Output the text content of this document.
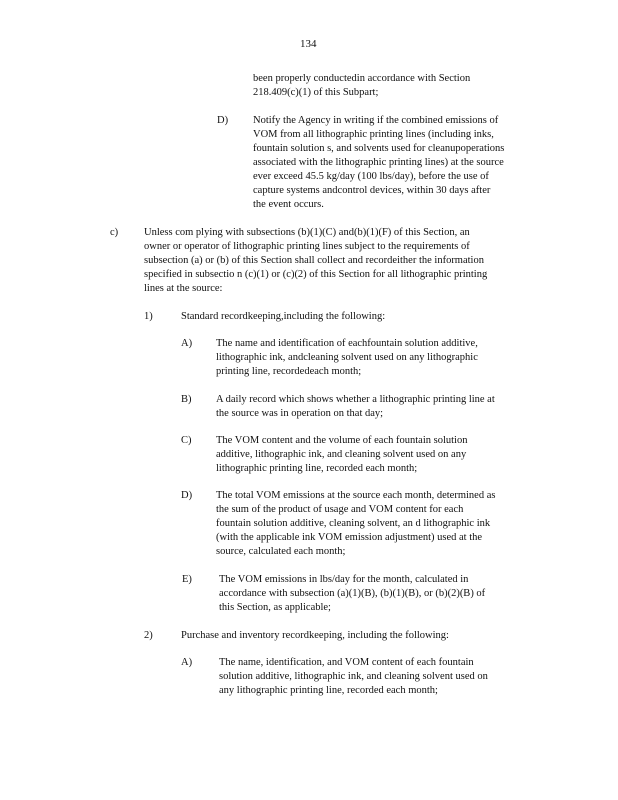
134
been properly conductedin accordance with Section
218.409(c)(1) of this Subpart;
D) Notify the Agency in writing if the combined emissions of
VOM from all lithographic printing lines (including inks,
fountain solution s, and solvents used for cleanupoperations
associated with the lithographic printing lines) at the source
ever exceed 45.5 kg/day (100 lbs/day), before the use of
capture systems andcontrol devices, within 30 days after
the event occurs.
c) Unless com plying with subsections (b)(1)(C) and(b)(1)(F) of this Section, an
owner or operator of lithographic printing lines subject to the requirements of
subsection (a) or (b) of this Section shall collect and recordeither the information
specified in subsectio n (c)(1) or (c)(2) of this Section for all lithographic printing
lines at the source:
1)	Standard recordkeeping,including the following:
A) The name and identification of eachfountain solution additive,
lithographic ink, andcleaning solvent used on any lithographic
printing line, recordedeach month;
B) A daily record which shows whether a lithographic printing line at
the source was in operation on that day;
C) The VOM content and the volume of each fountain solution
additive, lithographic ink, and cleaning solvent used on any
lithographic printing line, recorded each month;
D) The total VOM emissions at the source each month, determined as
the sum of the product of usage and VOM content for each
fountain solution additive, cleaning solvent, an d lithographic ink
(with the applicable ink VOM emission adjustment) used at the
source, calculated each month;
E)	The VOM emissions in lbs/day for the month, calculated in
accordance with subsection (a)(1)(B), (b)(1)(B), or (b)(2)(B) of
this Section, as applicable;
2)	Purchase and inventory recordkeeping, including the following:
A)	The name, identification, and VOM content of each fountain
solution additive, lithographic ink, and cleaning solvent used on
any lithographic printing line, recorded each month;
